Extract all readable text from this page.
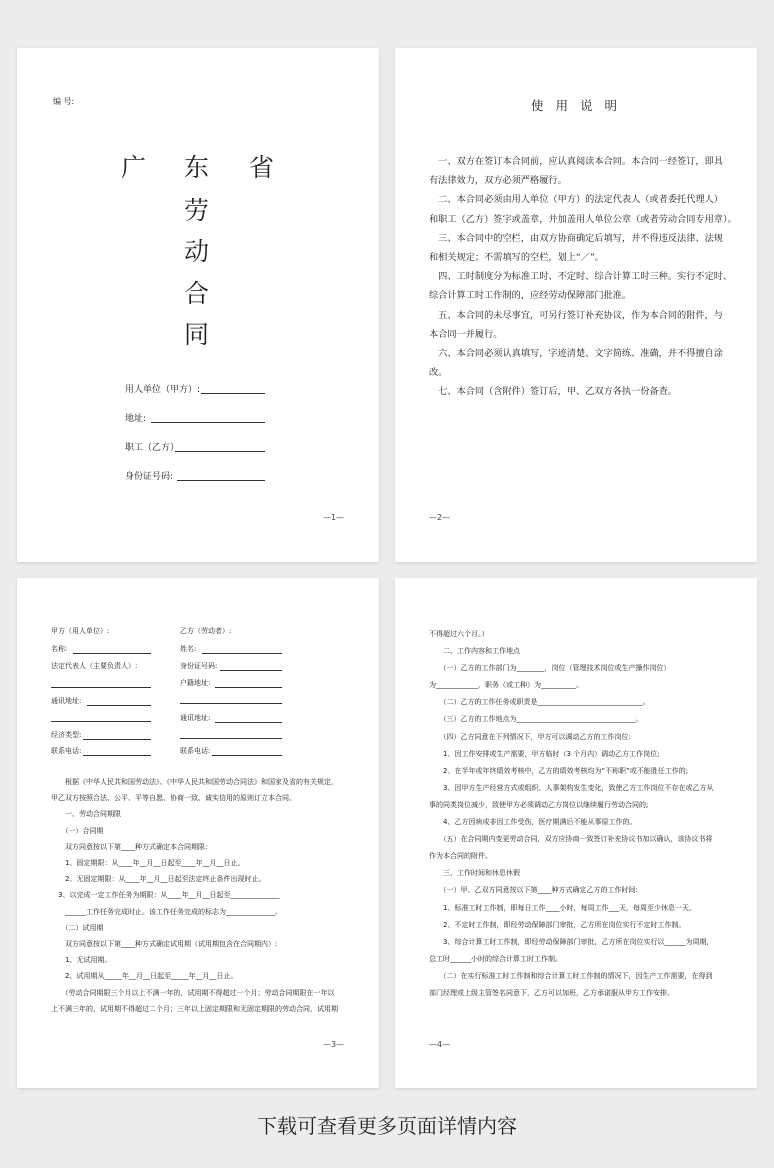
编 号:
广 东 省
劳
动
合
同
用人单位（甲方）:
地址:
职工（乙方）
身份证号码:
—1—
使 用 说 明
　一、双方在签订本合同前，应认真阅读本合同。本合同一经签订，即具
有法律效力，双方必须严格履行。
　二、本合同必须由用人单位（甲方）的法定代表人（或者委托代理人）
和职工（乙方）签字或盖章，并加盖用人单位公章（或者劳动合同专用章）。
　三、本合同中的空栏，由双方协商确定后填写，并不得违反法律、法规
和相关规定；不需填写的空栏，划上“／”。
　四、工时制度分为标准工时、不定时、综合计算工时三种。实行不定时、
综合计算工时工作制的，应经劳动保障部门批准。
　五、本合同的未尽事宜，可另行签订补充协议，作为本合同的附件，与
本合同一并履行。
　六、本合同必须认真填写，字迹清楚、文字简练、准确，并不得擅自涂
改。
　七、本合同（含附件）签订后，甲、乙双方各执一份备查。
—2—
甲方（用人单位）:
名称:
法定代表人（主要负责人）:
通讯地址:
经济类型:
联系电话:
乙方（劳动者）:
姓名:
身份证号码:
户籍地址:
通讯地址:
联系电话:
　　根据《中华人民共和国劳动法》、《中华人民共和国劳动合同法》和国家及省的有关规定，
甲乙双方按照合法、公平、平等自愿、协商一致、诚实信用的原则订立本合同。
　　一、劳动合同期限
　　（一）合同期
　　双方同意按以下第____种方式确定本合同期限:
　　1、固定期限：从____年__月__日起至____年__月__日止。
　　2、无固定期限：从____年__月__日起至法定终止条件出现时止。
　3、以完成一定工作任务为期限：从____年__月__日起至______________
　　______工作任务完成时止。该工作任务完成的标志为______________。
　　（二）试用期
　　双方同意按以下第____种方式确定试用期（试用期包含在合同期内）:
　　1、无试用期。
　　2、试用期从_____年__月__日起至_____年__月__日止。
　　（劳动合同期限三个月以上不满一年的，试用期不得超过一个月；劳动合同期限在一年以
上不满三年的，试用期不得超过二个月；三年以上固定期限和无固定期限的劳动合同，试用期
—3—
不得超过六个月。）
　　二、工作内容和工作地点
　　（一）乙方的工作部门为________，岗位（管理技术岗位或生产操作岗位）
为____________，职务（或工种）为__________。
　　（二）乙方的工作任务或职责是______________________________。
　　（三）乙方的工作地点为__________________________________。
　　（四）乙方同意在下列情况下，甲方可以调动乙方的工作岗位:
　　1、因工作安排或生产需要，甲方临时（3 个月内）调动乙方工作岗位;
　　2、在半年或年终绩效考核中，乙方的绩效考核均为“不称职”或不能胜任工作的;
　　3、因甲方生产经营方式或组织、人事架构发生变化，致使乙方工作岗位不存在或乙方从
事的同类岗位减少，致使甲方必须调动乙方岗位以继续履行劳动合同的;
　　4、乙方因病或非因工作受伤，医疗期满后不能从事原工作的。
　　（五）在合同期内变更劳动合同，双方应协商一致签订补充协议书加以确认，该协议书将
作为本合同的附件。
　　三、工作时间和休息休假
　　（一）甲、乙双方同意按以下第____种方式确定乙方的工作时间:
　　1、标准工时工作制，即每日工作____小时，每周工作___天，每周至少休息一天。
　　2、不定时工作制，即经劳动保障部门审批，乙方所在岗位实行不定时工作制。
　　3、综合计算工时工作制，即经劳动保障部门审批，乙方所在岗位实行以______为周期，
总工时______小时的综合计算工时工作制。
　　（二）在实行标准工时工作制和综合计算工时工作制的情况下，因生产工作需要，在得到
部门经理或上级主管签名同意下，乙方可以加班，乙方承诺服从甲方工作安排。
—4—
下载可查看更多页面详情内容
